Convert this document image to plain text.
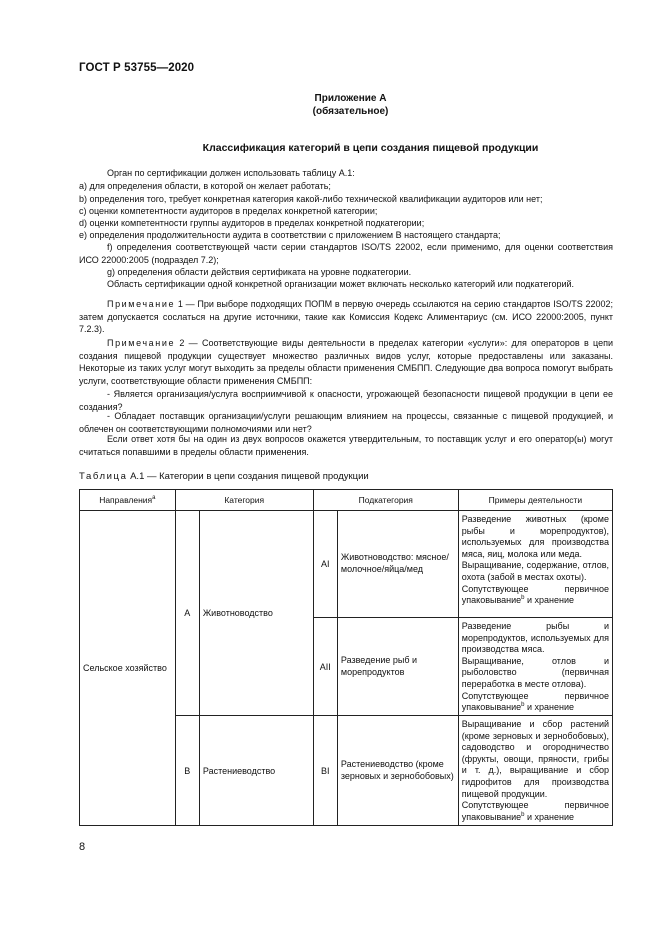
ГОСТ Р 53755—2020
Приложение А
(обязательное)
Классификация категорий в цепи создания пищевой продукции
Орган по сертификации должен использовать таблицу А.1:
a) для определения области, в которой он желает работать;
b) определения того, требует конкретная категория какой-либо технической квалификации аудиторов или нет;
c) оценки компетентности аудиторов в пределах конкретной категории;
d) оценки компетентности группы аудиторов в пределах конкретной подкатегории;
e) определения продолжительности аудита в соответствии с приложением В настоящего стандарта;
f) определения соответствующей части серии стандартов ISO/TS 22002, если применимо, для оценки соответствия ИСО 22000:2005 (подраздел 7.2);
g) определения области действия сертификата на уровне подкатегории.
Область сертификации одной конкретной организации может включать несколько категорий или подкатегорий.
Примечание 1 — При выборе подходящих ПОПМ в первую очередь ссылаются на серию стандартов ISO/TS 22002; затем допускается сослаться на другие источники, такие как Комиссия Кодекс Алиментариус (см. ИСО 22000:2005, пункт 7.2.3).
Примечание 2 — Соответствующие виды деятельности в пределах категории «услуги»: для операторов в цепи создания пищевой продукции существует множество различных видов услуг, которые предоставлены или заказаны. Некоторые из таких услуг могут выходить за пределы области применения СМБПП. Следующие два вопроса помогут выбрать услуги, соответствующие области применения СМБПП:
- Является организация/услуга восприимчивой к опасности, угрожающей безопасности пищевой продукции в цепи ее создания?
- Обладает поставщик организации/услуги решающим влиянием на процессы, связанные с пищевой продукцией, и облечен он соответствующими полномочиями или нет?
Если ответ хотя бы на один из двух вопросов окажется утвердительным, то поставщик услуг и его оператор(ы) могут считаться попавшими в пределы области применения.
Таблица А.1 — Категории в цепи создания пищевой продукции
Направления$^а$	Категория		Подкатегория		Примеры деятельности
Сельское хозяйство	А	Животноводство	AI	Животноводство: мясное/молочное/яйца/мед	Разведение животных (кроме рыбы и морепродуктов), используемых для производства мяса, яиц, молока или меда.
Выращивание, содержание, отлов, охота (забой в местах охоты).
Сопутствующее первичное упаковывание$^b$ и хранение

			AII	Разведение рыб и морепродуктов	Разведение рыбы и морепродуктов, используемых для производства мяса.
Выращивание, отлов и рыболовство (первичная переработка в месте отлова).
Сопутствующее первичное упаковывание$^b$ и хранение

	В	Растениеводство	BI	Растениеводство (кроме зерновых и зернобобовых)	Выращивание и сбор растений (кроме зерновых и зернобобовых), садоводство и огородничество (фрукты, овощи, пряности, грибы и т. д.), выращивание и сбор гидрофитов для производства пищевой продукции.
Сопутствующее первичное упаковывание$^b$ и хранение
8
